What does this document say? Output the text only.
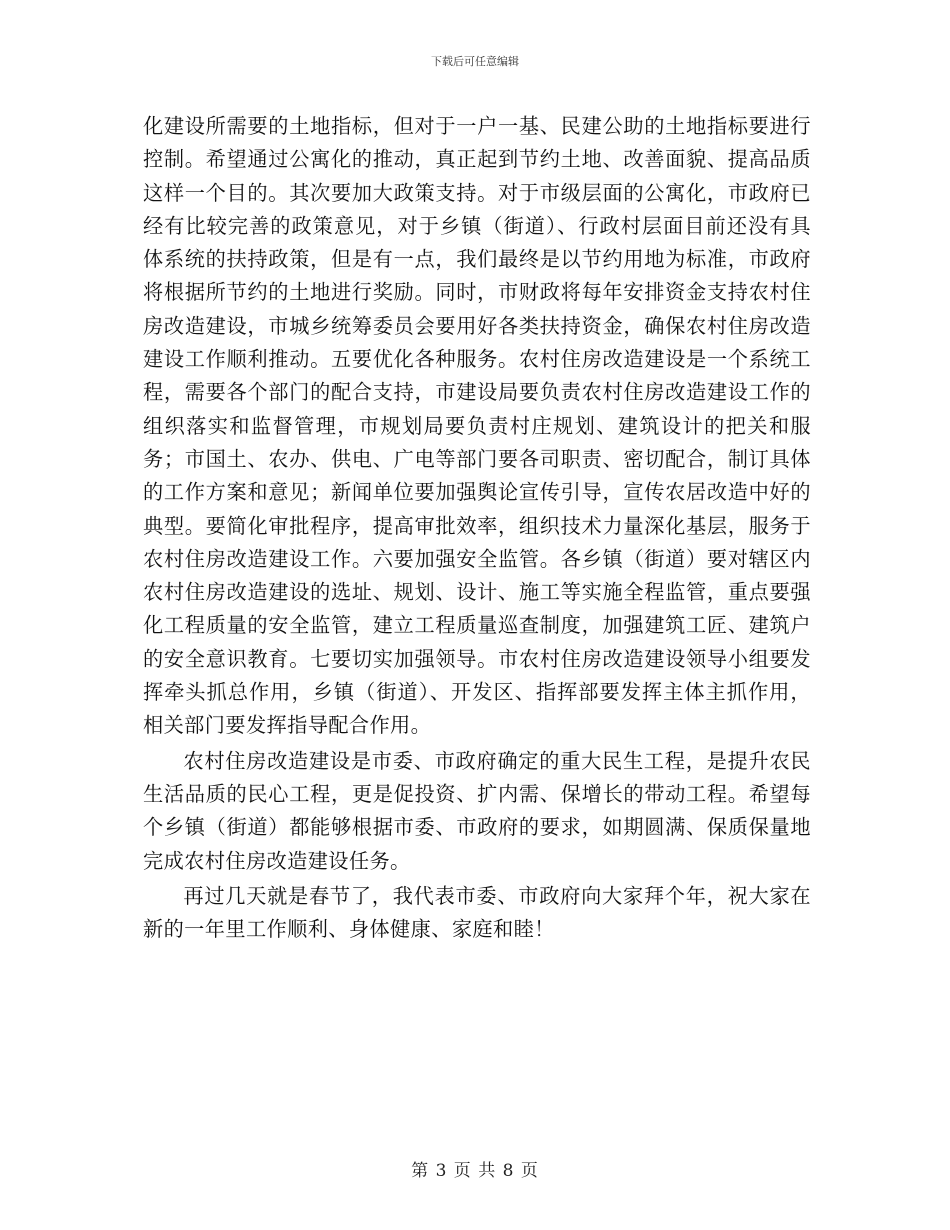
下载后可任意编辑

化建设所需要的土地指标，但对于一户一基、民建公助的土地指标要进行控制。希望通过公寓化的推动，真正起到节约土地、改善面貌、提高品质这样一个目的。其次要加大政策支持。对于市级层面的公寓化，市政府已经有比较完善的政策意见，对于乡镇（街道）、行政村层面目前还没有具体系统的扶持政策，但是有一点，我们最终是以节约用地为标准，市政府将根据所节约的土地进行奖励。同时，市财政将每年安排资金支持农村住房改造建设，市城乡统筹委员会要用好各类扶持资金，确保农村住房改造建设工作顺利推动。五要优化各种服务。农村住房改造建设是一个系统工程，需要各个部门的配合支持，市建设局要负责农村住房改造建设工作的组织落实和监督管理，市规划局要负责村庄规划、建筑设计的把关和服务；市国土、农办、供电、广电等部门要各司职责、密切配合，制订具体的工作方案和意见；新闻单位要加强舆论宣传引导，宣传农居改造中好的典型。要简化审批程序，提高审批效率，组织技术力量深化基层，服务于农村住房改造建设工作。六要加强安全监管。各乡镇（街道）要对辖区内农村住房改造建设的选址、规划、设计、施工等实施全程监管，重点要强化工程质量的安全监管，建立工程质量巡查制度，加强建筑工匠、建筑户的安全意识教育。七要切实加强领导。市农村住房改造建设领导小组要发挥牵头抓总作用，乡镇（街道）、开发区、指挥部要发挥主体主抓作用，相关部门要发挥指导配合作用。

农村住房改造建设是市委、市政府确定的重大民生工程，是提升农民生活品质的民心工程，更是促投资、扩内需、保增长的带动工程。希望每个乡镇（街道）都能够根据市委、市政府的要求，如期圆满、保质保量地完成农村住房改造建设任务。

再过几天就是春节了，我代表市委、市政府向大家拜个年，祝大家在新的一年里工作顺利、身体健康、家庭和睦！

第 3 页 共 8 页
